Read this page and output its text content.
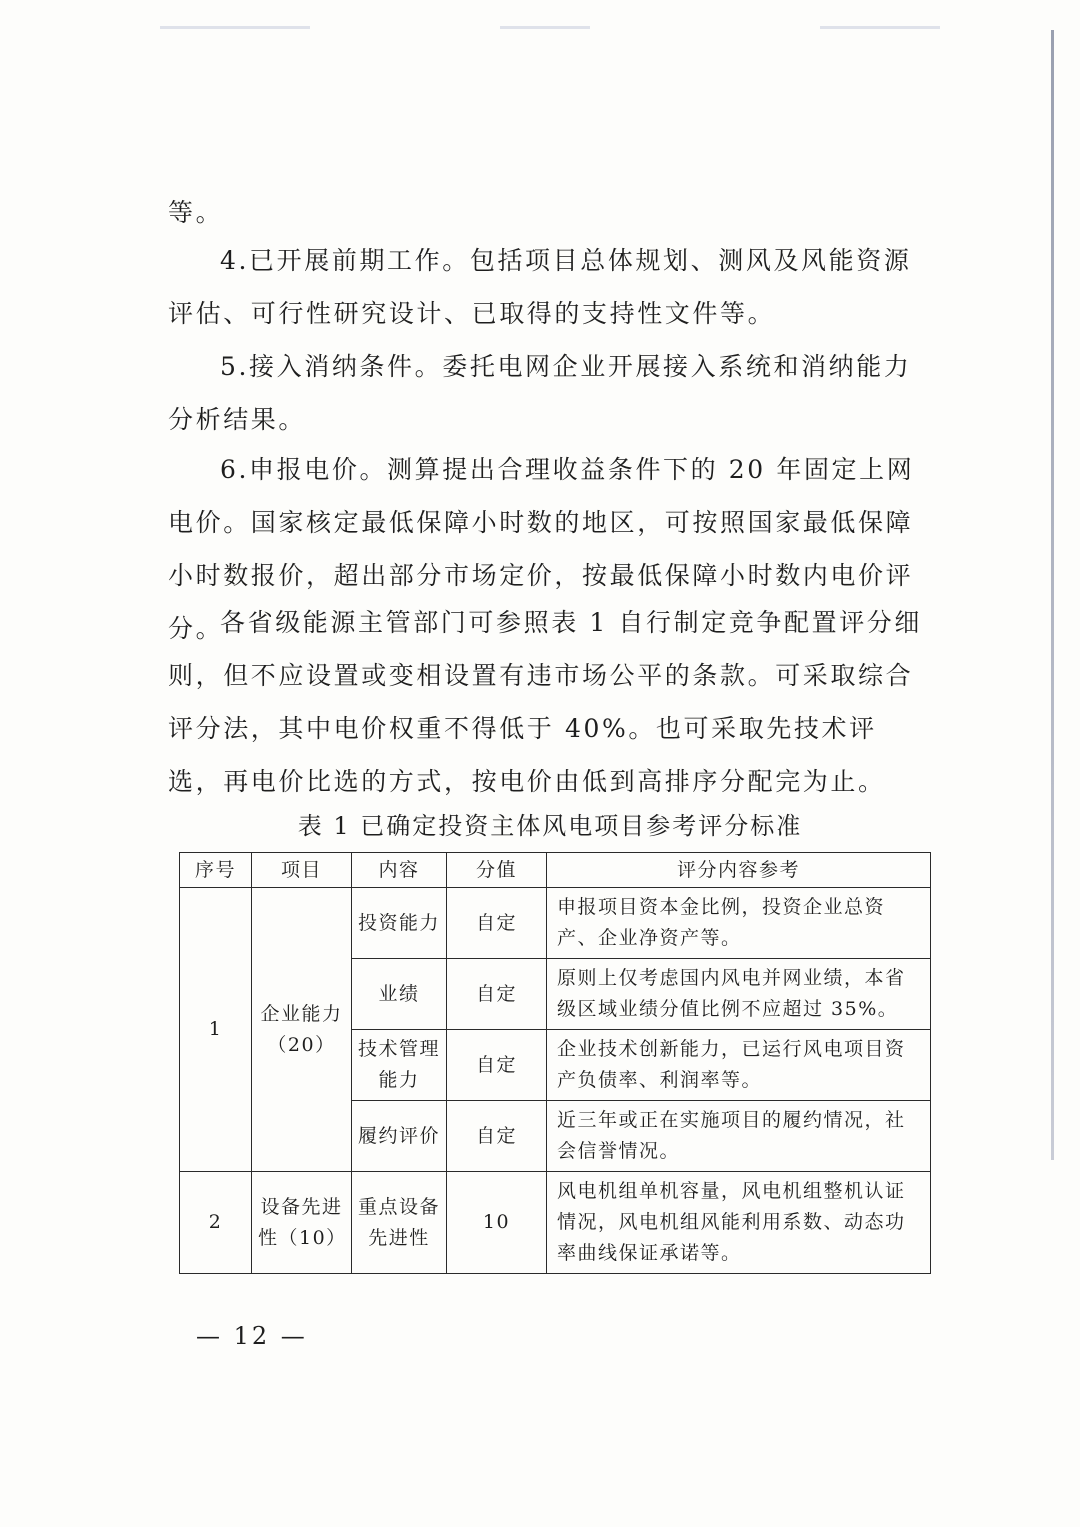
等。

4.已开展前期工作。包括项目总体规划、测风及风能资源评估、可行性研究设计、已取得的支持性文件等。

5.接入消纳条件。委托电网企业开展接入系统和消纳能力分析结果。

6.申报电价。测算提出合理收益条件下的 20 年固定上网电价。国家核定最低保障小时数的地区，可按照国家最低保障小时数报价，超出部分市场定价，按最低保障小时数内电价评分。

各省级能源主管部门可参照表 1 自行制定竞争配置评分细则，但不应设置或变相设置有违市场公平的条款。可采取综合评分法，其中电价权重不得低于 40%。也可采取先技术评选，再电价比选的方式，按电价由低到高排序分配完为止。

表 1 已确定投资主体风电项目参考评分标准
序号	项目	内容	分值	评分内容参考
1	企业能力（20）	投资能力	自定	申报项目资本金比例，投资企业总资产、企业净资产等。
		业绩	自定	原则上仅考虑国内风电并网业绩，本省级区域业绩分值比例不应超过 35%。
		技术管理能力	自定	企业技术创新能力，已运行风电项目资产负债率、利润率等。
		履约评价	自定	近三年或正在实施项目的履约情况，社会信誉情况。
2	设备先进性（10）	重点设备先进性	10	风电机组单机容量，风电机组整机认证情况，风电机组风能利用系数、动态功率曲线保证承诺等。
— 12 —
